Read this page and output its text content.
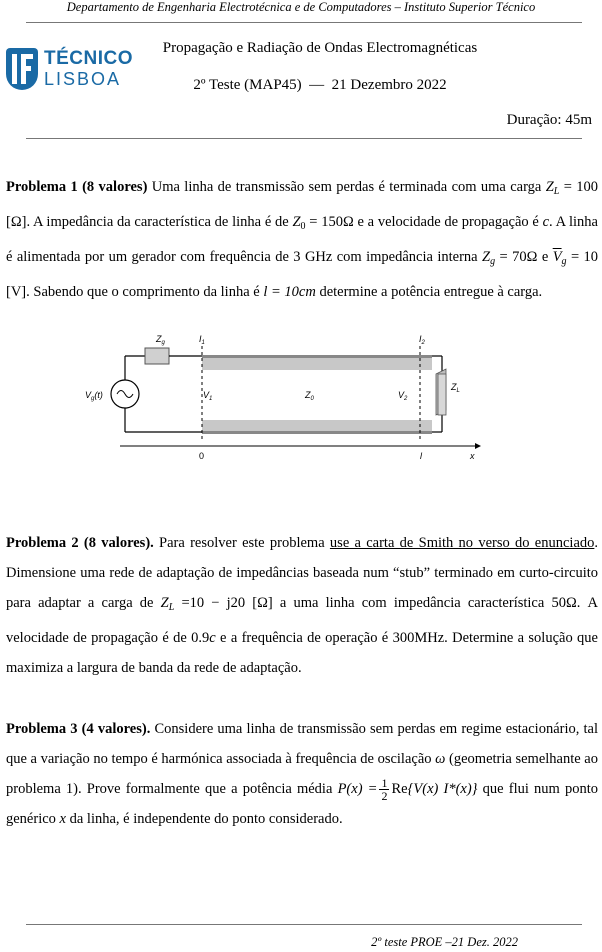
Departamento de Engenharia Electrotécnica e de Computadores – Instituto Superior Técnico
TÉCNICO
LISBOA
Propagação e Radiação de Ondas Electromagnéticas
2º Teste (MAP45) — 21 Dezembro 2022
Duração: 45m

Problema 1 (8 valores) Uma linha de transmissão sem perdas é terminada com uma carga $Z_L = 100$ [Ω]. A impedância da característica de linha é de $Z_0 = 150\Omega$ e a velocidade de propagação é c. A linha é alimentada por um gerador com frequência de 3 GHz com impedância interna $Z_g = 70\Omega$ e $\overline{V}_g = 10$ [V]. Sabendo que o comprimento da linha é l = 10cm determine a potência entregue à carga.

$Z_g$	$I_1$	$I_2$
$V_g(t)$	$V_1$	$Z_0$	$V_2$
$Z_L$
0	l	x

Problema 2 (8 valores). Para resolver este problema use a carta de Smith no verso do enunciado. Dimensione uma rede de adaptação de impedâncias baseada num “stub” terminado em curto-circuito para adaptar a carga de $Z_L =10 - j20$ [Ω] a uma linha com impedância característica 50Ω. A velocidade de propagação é de 0.9c e a frequência de operação é 300MHz. Determine a solução que maximiza a largura de banda da rede de adaptação.

Problema 3 (4 valores). Considere uma linha de transmissão sem perdas em regime estacionário, tal que a variação no tempo é harmónica associada à frequência de oscilação ω (geometria semelhante ao problema 1). Prove formalmente que a potência média $P(x) = \frac{1}{2} Re\{V(x)$ I*(x)} que flui num ponto genérico x da linha, é independente do ponto considerado.

2º teste PROE –21 Dez. 2022
